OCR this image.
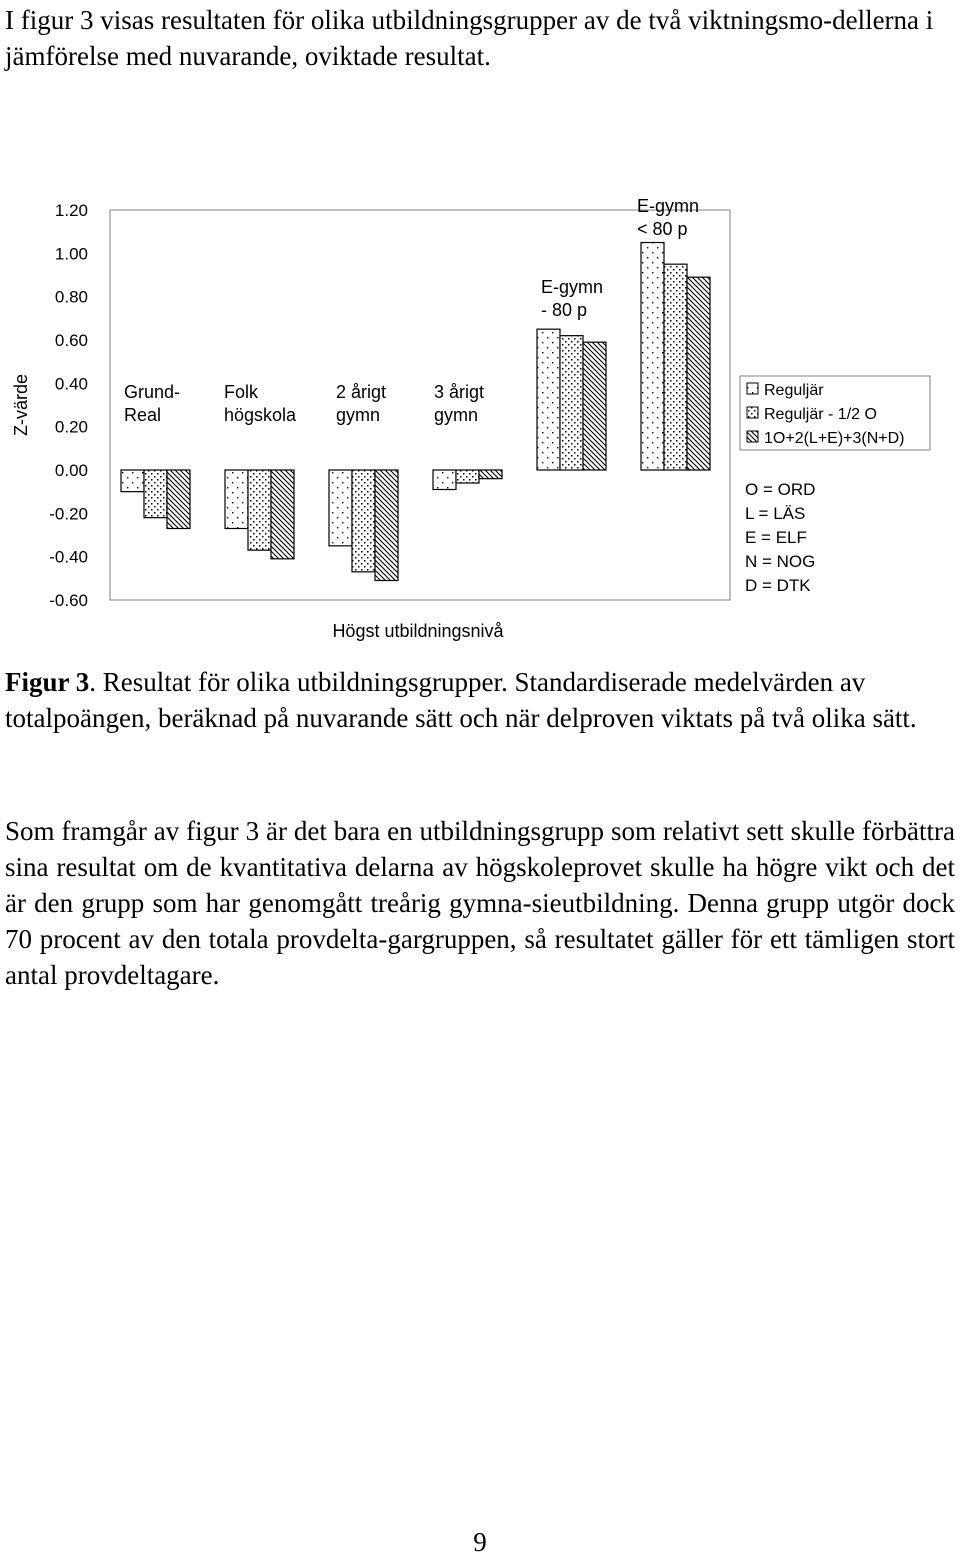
I figur 3 visas resultaten för olika utbildningsgrupper av de två viktningsmo-dellerna i jämförelse med nuvarande, oviktade resultat.
1.20
1.00
0.80
0.60
0.40
0.20
0.00
-0.20
-0.40
-0.60
Z-värde
Högst utbildningsnivå
Grund-
Real
Folk
högskola
2 årigt
gymn
3 årigt
gymn
E-gymn
- 80 p
E-gymn
< 80 p
Reguljär
Reguljär - 1/2 O
1O+2(L+E)+3(N+D)
O = ORD
L = LÄS
E = ELF
N = NOG
D = DTK
Figur 3. Resultat för olika utbildningsgrupper. Standardiserade medelvärden av totalpoängen, beräknad på nuvarande sätt och när delproven viktats på två olika sätt.
Som framgår av figur 3 är det bara en utbildningsgrupp som relativt sett skulle förbättra sina resultat om de kvantitativa delarna av högskoleprovet skulle ha högre vikt och det är den grupp som har genomgått treårig gymna-sieutbildning. Denna grupp utgör dock 70 procent av den totala provdelta-gargruppen, så resultatet gäller för ett tämligen stort antal provdeltagare.
9
